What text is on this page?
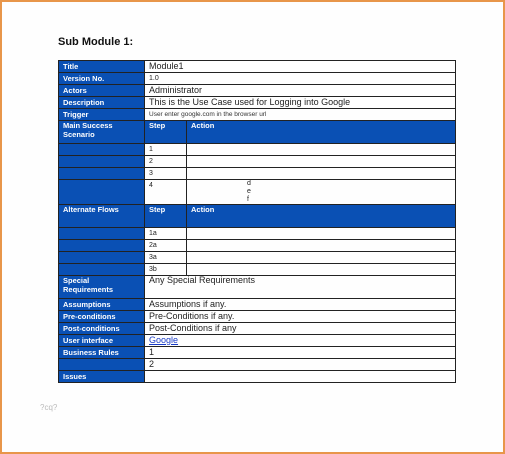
Sub Module 1:
Title	Module1	
Version No.	1.0	
Actors	Administrator	
Description	This is the Use Case used for Logging into Google	
Trigger	User enter google.com in the browser url	
Main Success Scenario	Step	Action
	1	
	2	
	3	
	4	d
e
f

Alternate Flows	Step	Action
	1a	
	2a	
	3a	
	3b	
Special Requirements	Any Special Requirements	
Assumptions	Assumptions if any.	
Pre-conditions	Pre-Conditions if any.	
Post-conditions	Post-Conditions if any	
User interface	Google	
Business Rules	1	
	2	
Issues		
?cq?
